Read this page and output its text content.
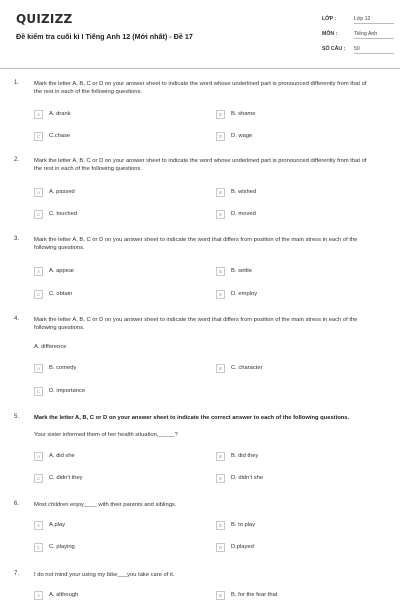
QUIZIZZ
Đề kiểm tra cuối kì I Tiếng Anh 12 (Mới nhất) - Đề 17
LỚP :	Lớp 12
MÔN :	Tiếng Anh
SỐ CÂU : 50
1.	Mark the letter A, B, C or D on your answer sheet to indicate the word whose underlined part is pronounced differently from that of the rest in each of the following questions.
A	A. drank	B	B. shame
C	C.chase	D	D. wage
2.	Mark the letter A, B, C or D on your answer sheet to indicate the word whose underlined part is pronounced differently from that of the rest in each of the following questions.
A	A. passed	B	B. wished
C	C. touched	D	D. moved
3.	Mark the letter A, B, C or D on you answer sheet to indicate the word that differs from position of the main stress in each of the following questions.
A	A. appear	B	B. settle
C	C. obtain	D	D. employ
4.	Mark the letter A, B, C or D on you answer sheet to indicate the word that differs from position of the main stress in each of the following questions.
A. difference
A	B. comedy	B	C. character
C	D. importance
5.	Mark the letter A, B, C or D on your answer sheet to indicate the correct answer to each of the following questions.
Your sister informed them of her health situation,_____?
A	A. did she	B	B. did they
C	C. didn't they	D	D. didn't she
6.	Most children enjoy____ with their parents and siblings.
A	A.play	B	B. to play
C	C. playing	D	D.played
7.	I do not mind your using my bike___you take care of it.
A	A. although	B	B. for the fear that
